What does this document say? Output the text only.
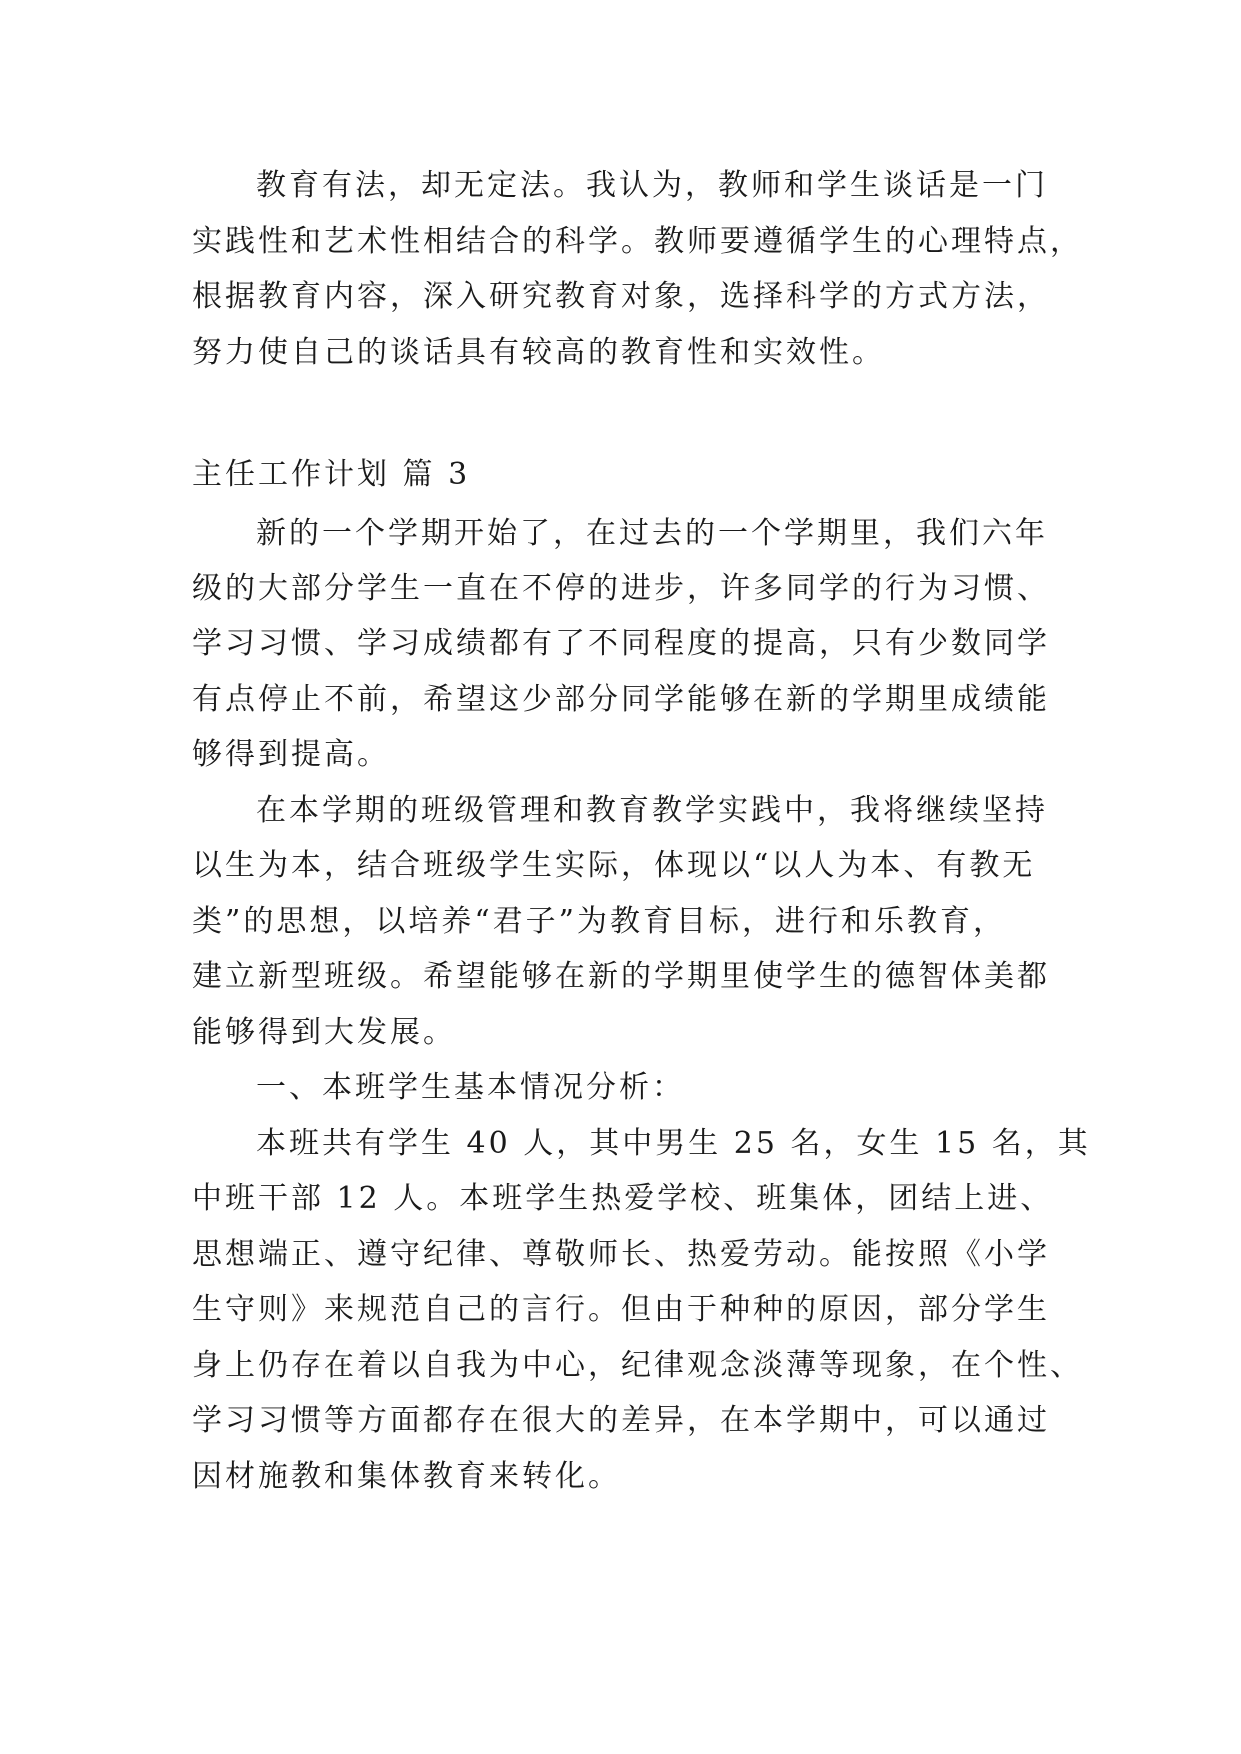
教育有法，却无定法。我认为，教师和学生谈话是一门
实践性和艺术性相结合的科学。教师要遵循学生的心理特点，
根据教育内容，深入研究教育对象，选择科学的方式方法，
努力使自己的谈话具有较高的教育性和实效性。
主任工作计划 篇 3
新的一个学期开始了，在过去的一个学期里，我们六年
级的大部分学生一直在不停的进步，许多同学的行为习惯、
学习习惯、学习成绩都有了不同程度的提高，只有少数同学
有点停止不前，希望这少部分同学能够在新的学期里成绩能
够得到提高。
在本学期的班级管理和教育教学实践中，我将继续坚持
以生为本，结合班级学生实际，体现以“以人为本、有教无
类”的思想，以培养“君子”为教育目标，进行和乐教育，
建立新型班级。希望能够在新的学期里使学生的德智体美都
能够得到大发展。
一、本班学生基本情况分析：
本班共有学生 40 人，其中男生 25 名，女生 15 名，其
中班干部 12 人。本班学生热爱学校、班集体，团结上进、
思想端正、遵守纪律、尊敬师长、热爱劳动。能按照《小学
生守则》来规范自己的言行。但由于种种的原因，部分学生
身上仍存在着以自我为中心，纪律观念淡薄等现象，在个性、
学习习惯等方面都存在很大的差异，在本学期中，可以通过
因材施教和集体教育来转化。
